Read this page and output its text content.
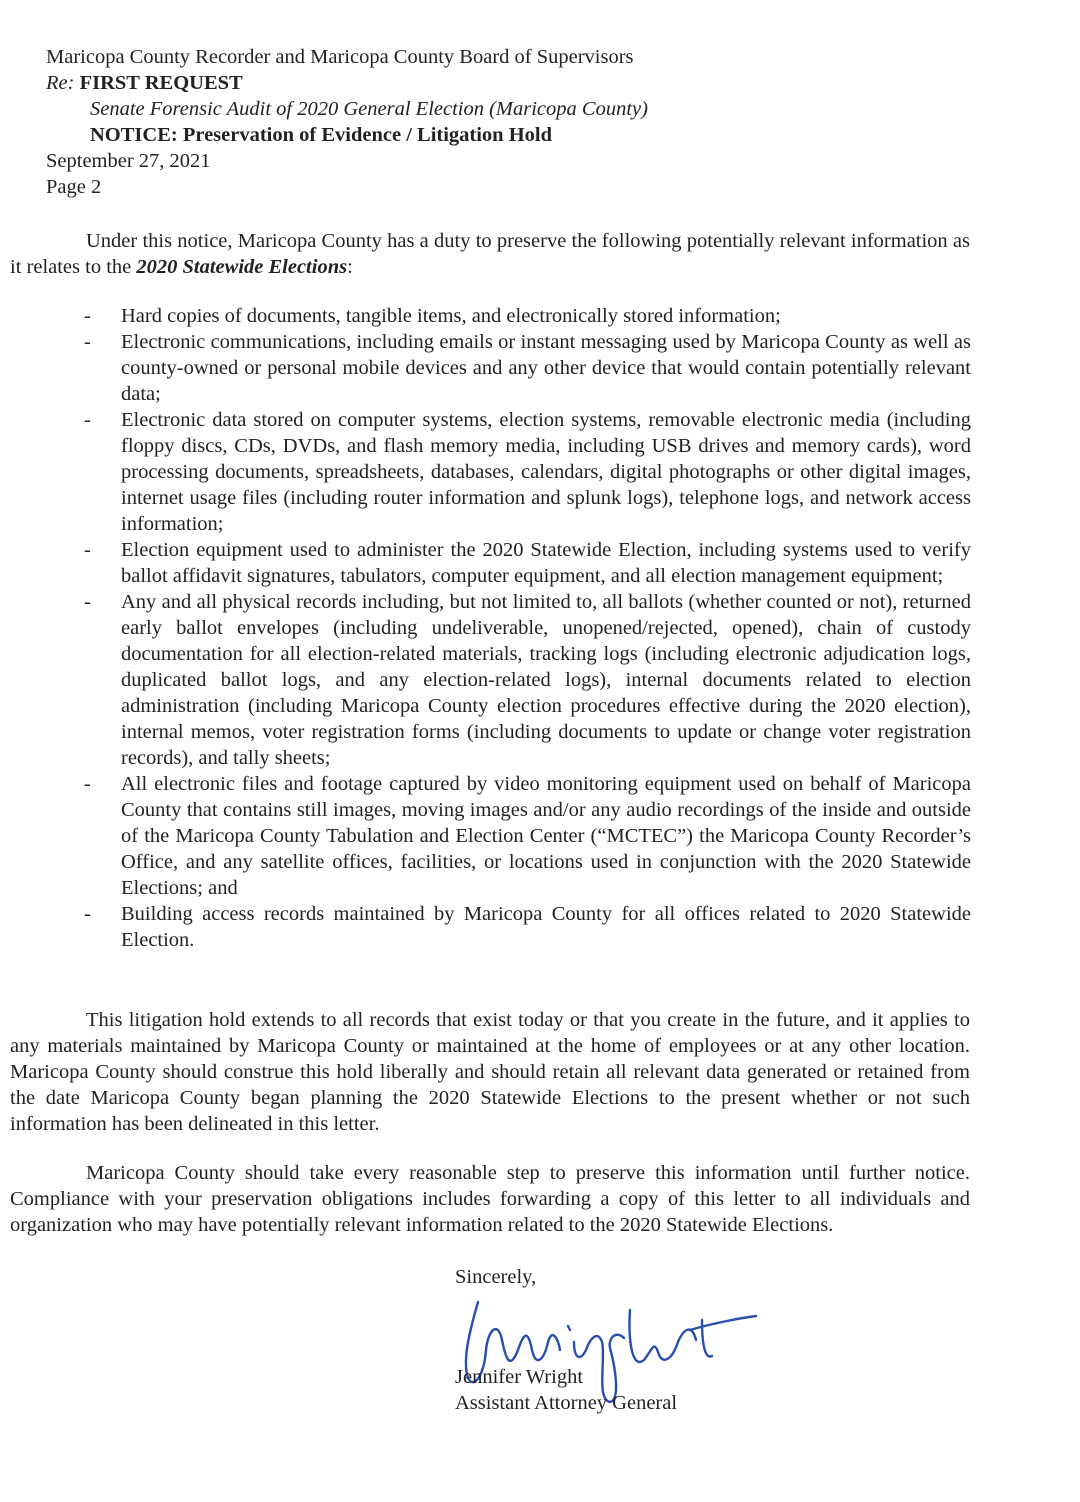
Maricopa County Recorder and Maricopa County Board of Supervisors
Re: FIRST REQUEST
Senate Forensic Audit of 2020 General Election (Maricopa County)
NOTICE: Preservation of Evidence / Litigation Hold
September 27, 2021
Page 2

Under this notice, Maricopa County has a duty to preserve the following potentially relevant information as it relates to the 2020 Statewide Elections:

- Hard copies of documents, tangible items, and electronically stored information;
- Electronic communications, including emails or instant messaging used by Maricopa County as well as county-owned or personal mobile devices and any other device that would contain potentially relevant data;
- Electronic data stored on computer systems, election systems, removable electronic media (including floppy discs, CDs, DVDs, and flash memory media, including USB drives and memory cards), word processing documents, spreadsheets, databases, calendars, digital photographs or other digital images, internet usage files (including router information and splunk logs), telephone logs, and network access information;
- Election equipment used to administer the 2020 Statewide Election, including systems used to verify ballot affidavit signatures, tabulators, computer equipment, and all election management equipment;
- Any and all physical records including, but not limited to, all ballots (whether counted or not), returned early ballot envelopes (including undeliverable, unopened/rejected, opened), chain of custody documentation for all election-related materials, tracking logs (including electronic adjudication logs, duplicated ballot logs, and any election-related logs), internal documents related to election administration (including Maricopa County election procedures effective during the 2020 election), internal memos, voter registration forms (including documents to update or change voter registration records), and tally sheets;
- All electronic files and footage captured by video monitoring equipment used on behalf of Maricopa County that contains still images, moving images and/or any audio recordings of the inside and outside of the Maricopa County Tabulation and Election Center (“MCTEC”) the Maricopa County Recorder’s Office, and any satellite offices, facilities, or locations used in conjunction with the 2020 Statewide Elections; and
- Building access records maintained by Maricopa County for all offices related to 2020 Statewide Election.

This litigation hold extends to all records that exist today or that you create in the future, and it applies to any materials maintained by Maricopa County or maintained at the home of employees or at any other location. Maricopa County should construe this hold liberally and should retain all relevant data generated or retained from the date Maricopa County began planning the 2020 Statewide Elections to the present whether or not such information has been delineated in this letter.

Maricopa County should take every reasonable step to preserve this information until further notice. Compliance with your preservation obligations includes forwarding a copy of this letter to all individuals and organization who may have potentially relevant information related to the 2020 Statewide Elections.

Sincerely,
Jennifer Wright
Assistant Attorney General
